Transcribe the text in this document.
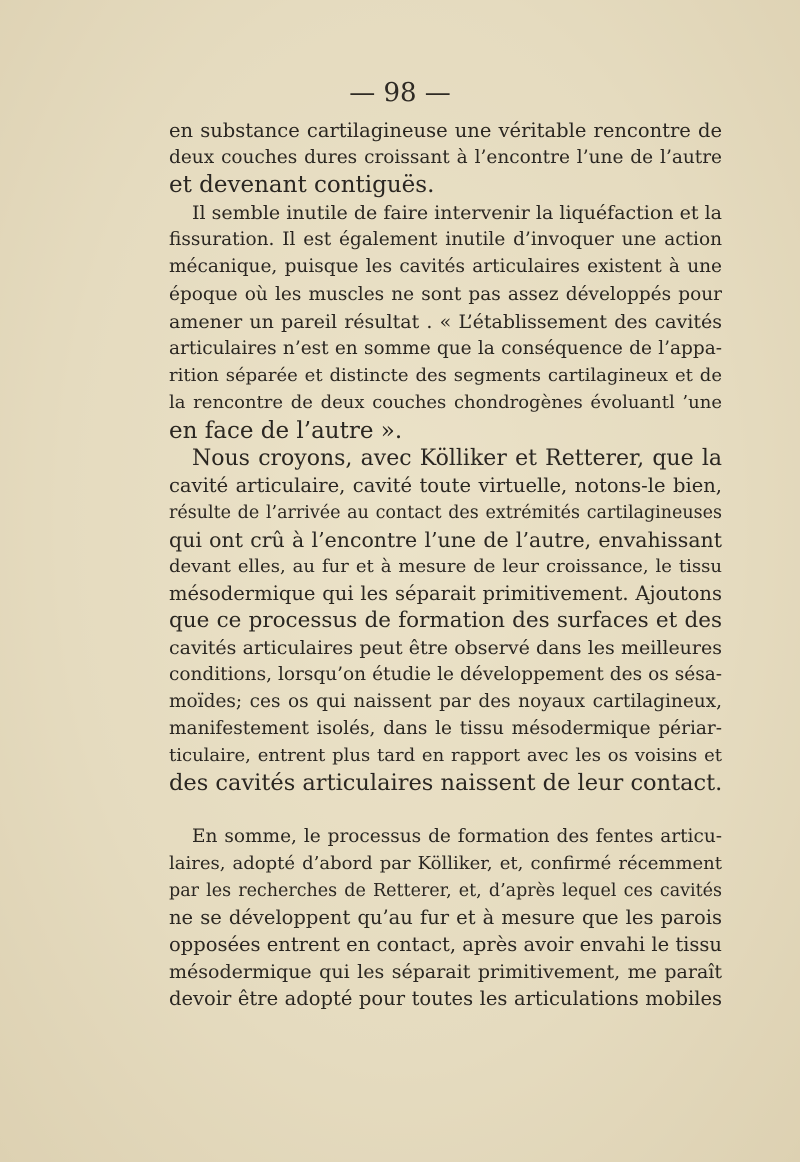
— 98 —
en substance cartilagineuse une véritable rencontre de
deux couches dures croissant à l’encontre l’une de l’autre
et devenant contiguës.
Il semble inutile de faire intervenir la liquéfaction et la
fissuration. Il est également inutile d’invoquer une action
mécanique, puisque les cavités articulaires existent à une
époque où les muscles ne sont pas assez développés pour
amener un pareil résultat . « L’établissement des cavités
articulaires n’est en somme que la conséquence de l’appa-
rition séparée et distincte des segments cartilagineux et de
la rencontre de deux couches chondrogènes évoluantl ’une
en face de l’autre ».
Nous croyons, avec Kölliker et Retterer, que la
cavité articulaire, cavité toute virtuelle, notons-le bien,
résulte de l’arrivée au contact des extrémités cartilagineuses
qui ont crû à l’encontre l’une de l’autre, envahissant
devant elles, au fur et à mesure de leur croissance, le tissu
mésodermique qui les séparait primitivement. Ajoutons
que ce processus de formation des surfaces et des
cavités articulaires peut être observé dans les meilleures
conditions, lorsqu’on étudie le développement des os sésa-
moïdes; ces os qui naissent par des noyaux cartilagineux,
manifestement isolés, dans le tissu mésodermique périar-
ticulaire, entrent plus tard en rapport avec les os voisins et
des cavités articulaires naissent de leur contact.
En somme, le processus de formation des fentes articu-
laires, adopté d’abord par Kölliker, et, confirmé récemment
par les recherches de Retterer, et, d’après lequel ces cavités
ne se développent qu’au fur et à mesure que les parois
opposées entrent en contact, après avoir envahi le tissu
mésodermique qui les séparait primitivement, me paraît
devoir être adopté pour toutes les articulations mobiles
